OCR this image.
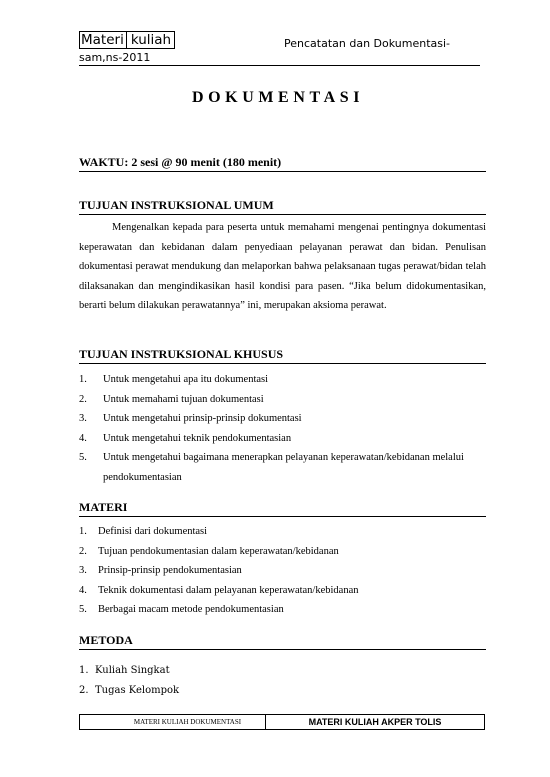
Materi kuliah	Pencatatan dan Dokumentasi-
sam,ns-2011
DOKUMENTASI
WAKTU: 2 sesi @ 90 menit (180 menit)
TUJUAN INSTRUKSIONAL UMUM

Mengenalkan kepada para peserta untuk memahami mengenai pentingnya dokumentasi keperawatan dan kebidanan dalam penyediaan pelayanan perawat dan bidan. Penulisan dokumentasi perawat mendukung dan melaporkan bahwa pelaksanaan tugas perawat/bidan telah dilaksanakan dan mengindikasikan hasil kondisi para pasen. “Jika belum didokumentasikan, berarti belum dilakukan perawatannya” ini, merupakan aksioma perawat.

TUJUAN INSTRUKSIONAL KHUSUS
1. Untuk mengetahui apa itu dokumentasi
2. Untuk memahami tujuan dokumentasi
3. Untuk mengetahui prinsip-prinsip dokumentasi
4. Untuk mengetahui teknik pendokumentasian
5. Untuk mengetahui bagaimana menerapkan pelayanan keperawatan/kebidanan melalui pendokumentasian
MATERI
1. Definisi dari dokumentasi
2. Tujuan pendokumentasian dalam keperawatan/kebidanan
3. Prinsip-prinsip pendokumentasian
4. Teknik dokumentasi dalam pelayanan keperawatan/kebidanan
5. Berbagai macam metode pendokumentasian
METODA
1. Kuliah Singkat
2. Tugas Kelompok
MATERI KULIAH DOKUMENTASI	MATERI KULIAH AKPER TOLIS
